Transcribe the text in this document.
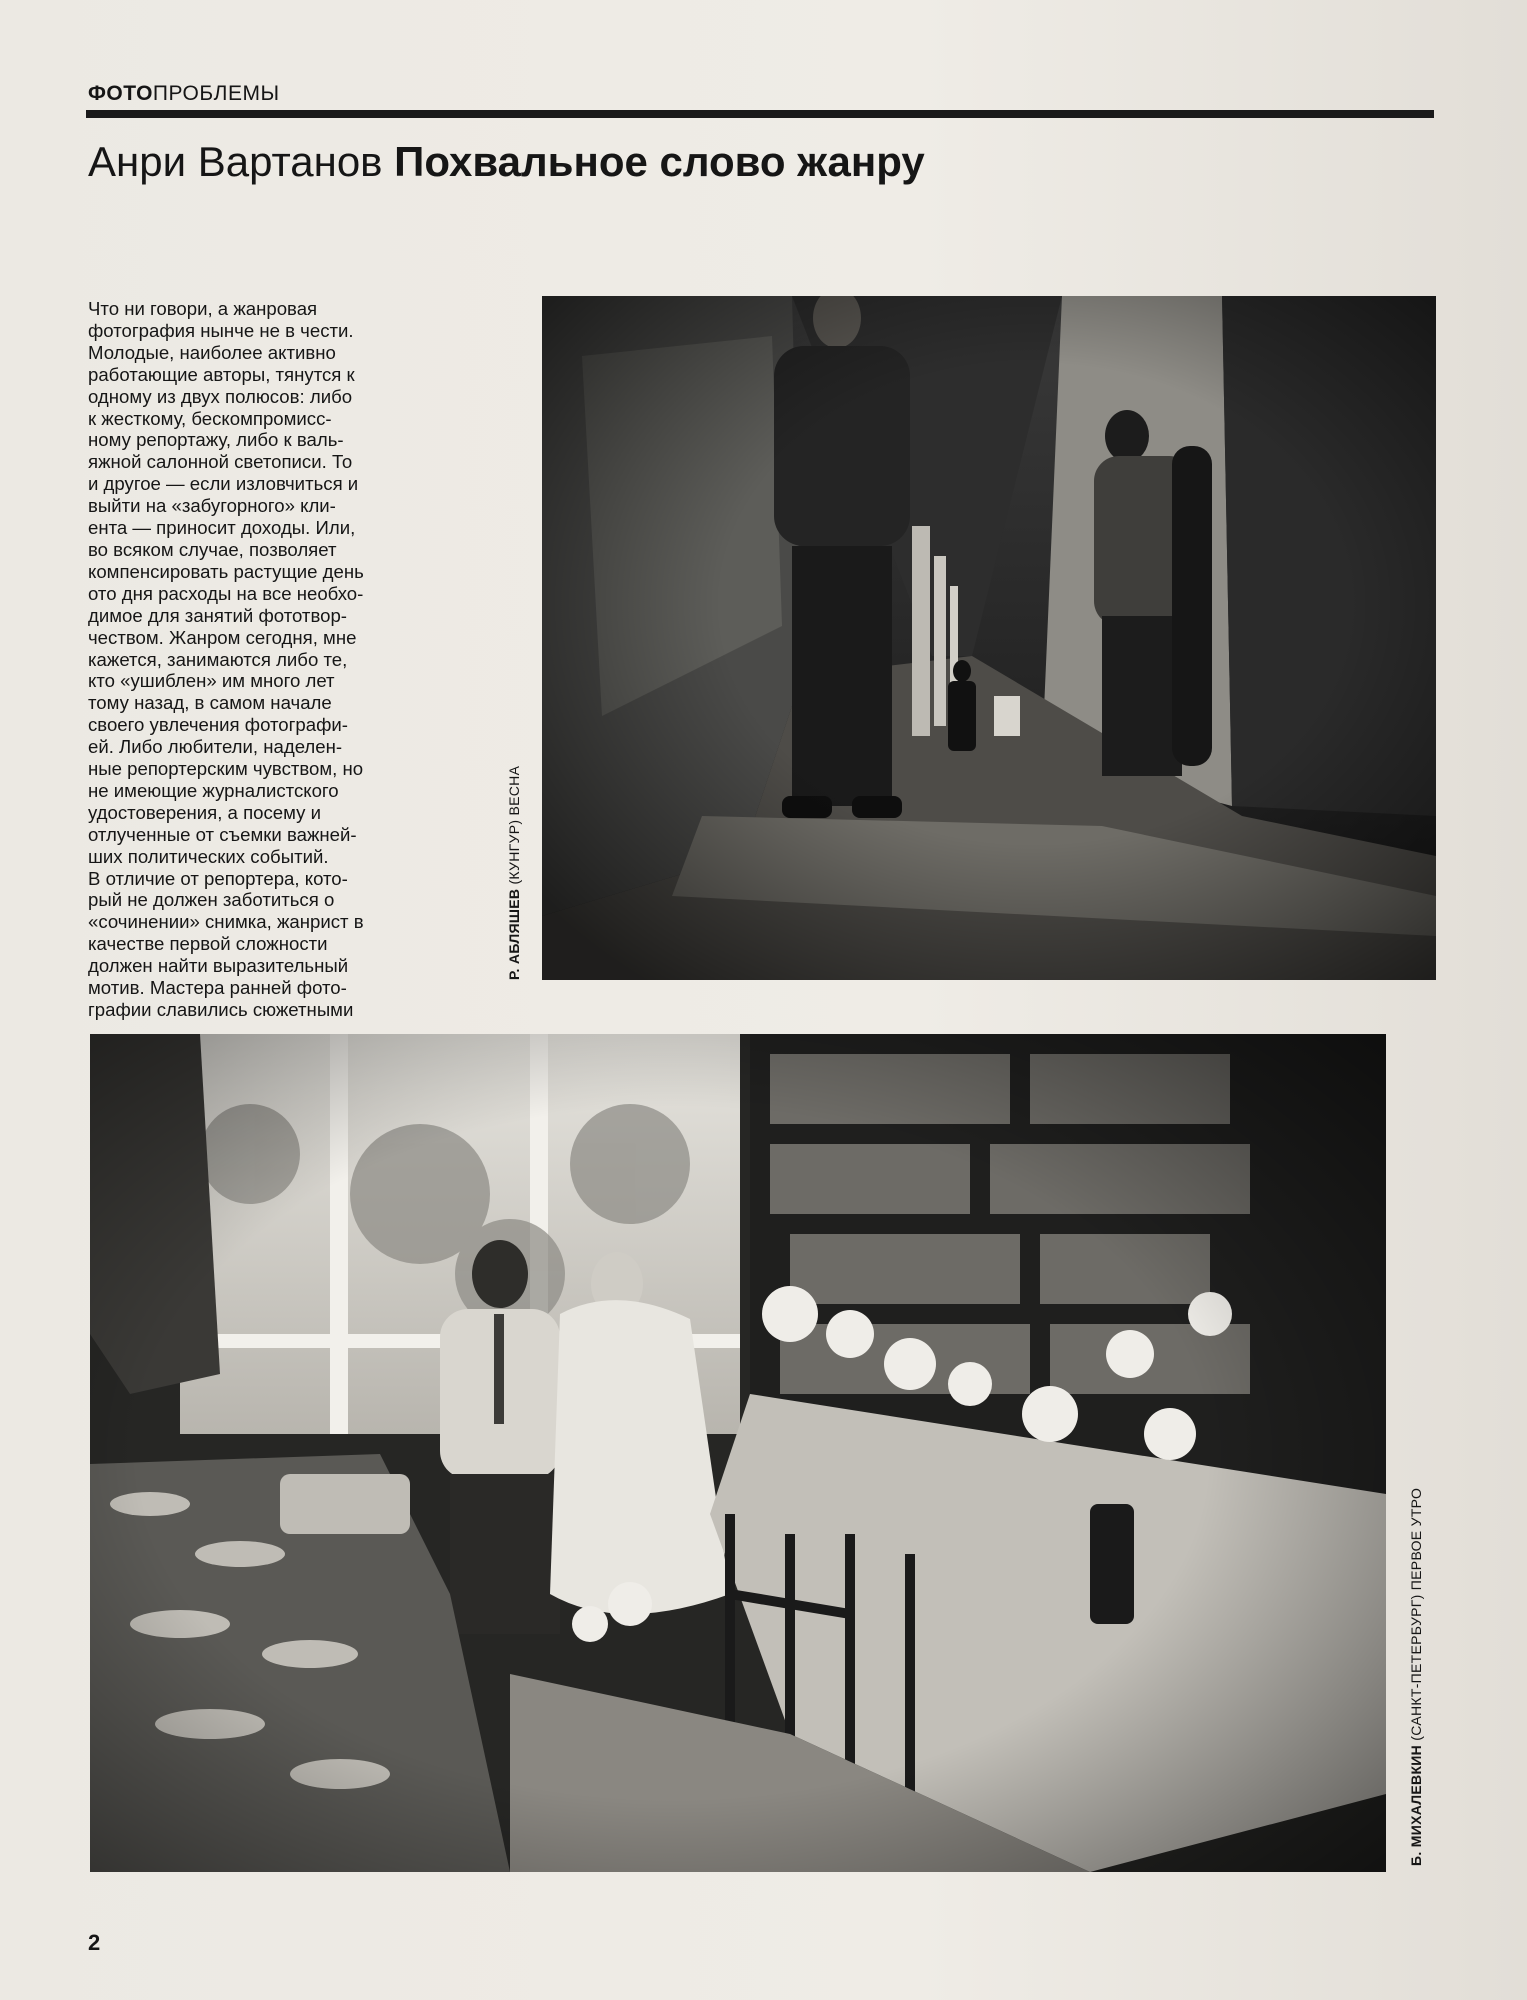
ФОТОПРОБЛЕМЫ
Анри Вартанов Похвальное слово жанру
Что ни говори, а жанровая
фотография нынче не в чести.
Молодые, наиболее активно
работающие авторы, тянутся к
одному из двух полюсов: либо
к жесткому, бескомпромисс-
ному репортажу, либо к валь-
яжной салонной светописи. То
и другое — если изловчиться и
выйти на «забугорного» кли-
ента — приносит доходы. Или,
во всяком случае, позволяет
компенсировать растущие день
ото дня расходы на все необхо-
димое для занятий фототвор-
чеством. Жанром сегодня, мне
кажется, занимаются либо те,
кто «ушиблен» им много лет
тому назад, в самом начале
своего увлечения фотографи-
ей. Либо любители, наделен-
ные репортерским чувством, но
не имеющие журналистского
удостоверения, а посему и
отлученные от съемки важней-
ших политических событий.
В отличие от репортера, кото-
рый не должен заботиться о
«сочинении» снимка, жанрист в
качестве первой сложности
должен найти выразительный
мотив. Мастера ранней фото-
графии славились сюжетными
Р. АБЛЯШЕВ (КУНГУР) ВЕСНА
Б. МИХАЛЕВКИН (САНКТ-ПЕТЕРБУРГ) ПЕРВОЕ УТРО
2
